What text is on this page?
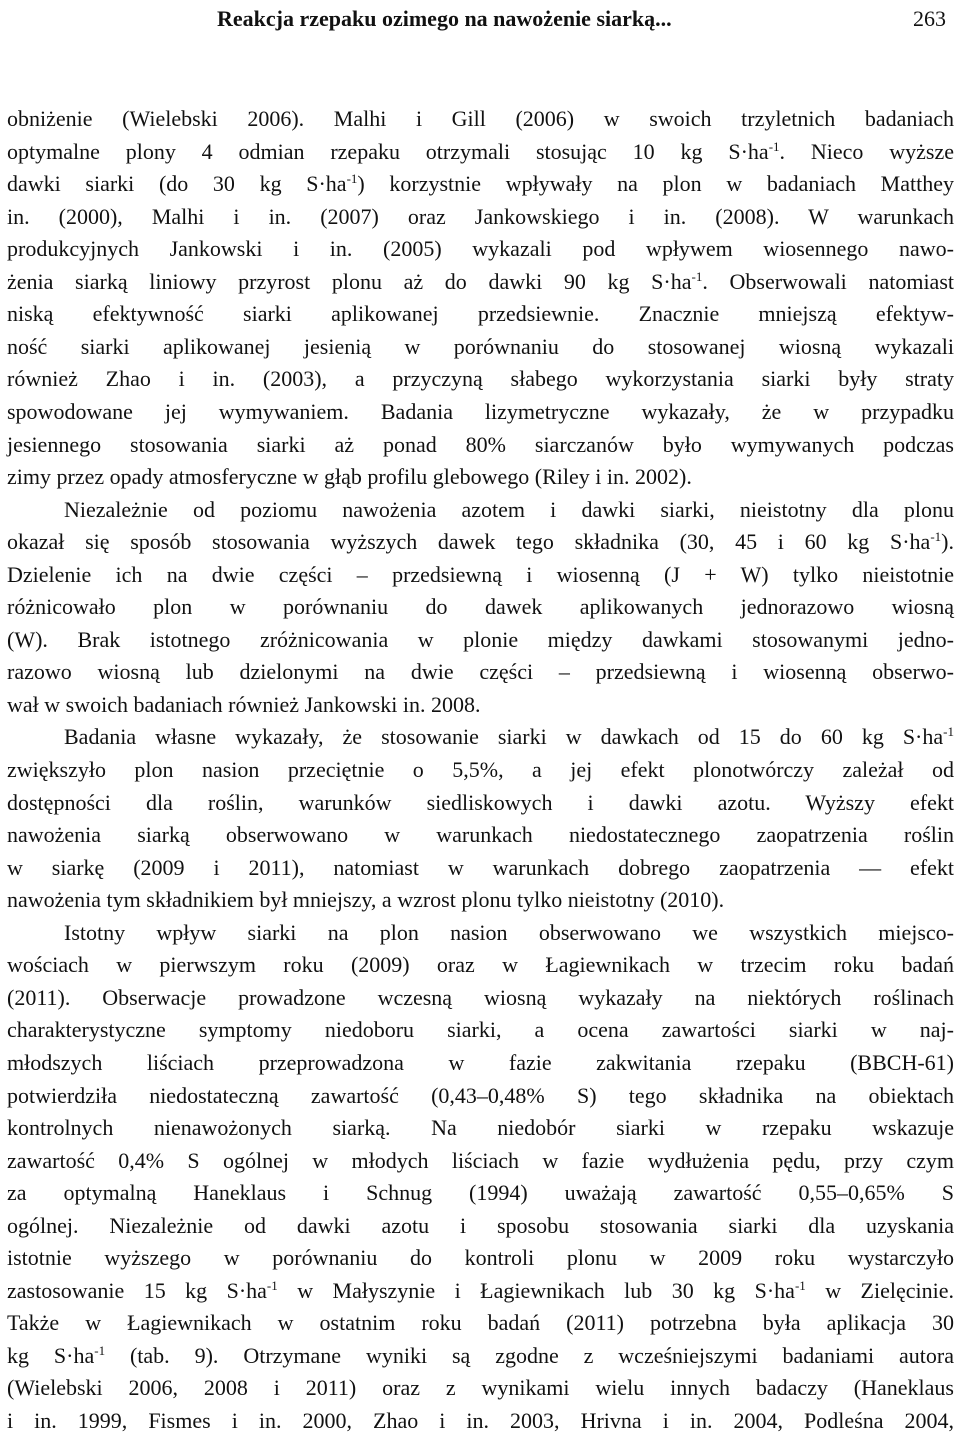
Reakcja rzepaku ozimego na nawożenie siarką...	263
obniżenie (Wielebski 2006). Malhi i Gill (2006) w swoich trzyletnich badaniach
optymalne plony 4 odmian rzepaku otrzymali stosując 10 kg $S\cdot ha^{-1}$. Nieco wyższe
dawki siarki (do 30 kg $S\cdot ha^{-1}$) korzystnie wpływały na plon w badaniach Matthey
in. (2000), Malhi i in. (2007) oraz Jankowskiego i in. (2008). W warunkach
produkcyjnych Jankowski i in. (2005) wykazali pod wpływem wiosennego nawo-
żenia siarką liniowy przyrost plonu aż do dawki 90 kg $S\cdot ha^{-1}$. Obserwowali natomiast
niską efektywność siarki aplikowanej przedsiewnie. Znacznie mniejszą efektyw-
ność siarki aplikowanej jesienią w porównaniu do stosowanej wiosną wykazali
również Zhao i in. (2003), a przyczyną słabego wykorzystania siarki były straty
spowodowane jej wymywaniem. Badania lizymetryczne wykazały, że w przypadku
jesiennego stosowania siarki aż ponad 80% siarczanów było wymywanych podczas
zimy przez opady atmosferyczne w głąb profilu glebowego (Riley i in. 2002).
Niezależnie od poziomu nawożenia azotem i dawki siarki, nieistotny dla plonu
okazał się sposób stosowania wyższych dawek tego składnika (30, 45 i 60 kg $S\cdot ha^{-1}$).
Dzielenie ich na dwie części – przedsiewną i wiosenną (J + W) tylko nieistotnie
różnicowało plon w porównaniu do dawek aplikowanych jednorazowo wiosną
(W). Brak istotnego zróżnicowania w plonie między dawkami stosowanymi jedno-
razowo wiosną lub dzielonymi na dwie części – przedsiewną i wiosenną obserwo-
wał w swoich badaniach również Jankowski in. 2008.
Badania własne wykazały, że stosowanie siarki w dawkach od 15 do 60 kg $S\cdot ha^{-1}$
zwiększyło plon nasion przeciętnie o 5,5%, a jej efekt plonotwórczy zależał od
dostępności dla roślin, warunków siedliskowych i dawki azotu. Wyższy efekt
nawożenia siarką obserwowano w warunkach niedostatecznego zaopatrzenia roślin
w siarkę (2009 i 2011), natomiast w warunkach dobrego zaopatrzenia — efekt
nawożenia tym składnikiem był mniejszy, a wzrost plonu tylko nieistotny (2010).
Istotny wpływ siarki na plon nasion obserwowano we wszystkich miejsco-
wościach w pierwszym roku (2009) oraz w Łagiewnikach w trzecim roku badań
(2011). Obserwacje prowadzone wczesną wiosną wykazały na niektórych roślinach
charakterystyczne symptomy niedoboru siarki, a ocena zawartości siarki w naj-
młodszych liściach przeprowadzona w fazie zakwitania rzepaku (BBCH-61)
potwierdziła niedostateczną zawartość (0,43–0,48% S) tego składnika na obiektach
kontrolnych nienawożonych siarką. Na niedobór siarki w rzepaku wskazuje
zawartość 0,4% S ogólnej w młodych liściach w fazie wydłużenia pędu, przy czym
za optymalną Haneklaus i Schnug (1994) uważają zawartość 0,55–0,65% S
ogólnej. Niezależnie od dawki azotu i sposobu stosowania siarki dla uzyskania
istotnie wyższego w porównaniu do kontroli plonu w 2009 roku wystarczyło
zastosowanie 15 kg $S\cdot ha^{-1}$ w Małyszynie i Łagiewnikach lub 30 kg $S\cdot ha^{-1}$ w Zielęcinie.
Także w Łagiewnikach w ostatnim roku badań (2011) potrzebna była aplikacja 30
kg $S\cdot ha^{-1}$ (tab. 9). Otrzymane wyniki są zgodne z wcześniejszymi badaniami autora
(Wielebski 2006, 2008 i 2011) oraz z wynikami wielu innych badaczy (Haneklaus
i in. 1999, Fismes i in. 2000, Zhao i in. 2003, Hrivna i in. 2004, Podleśna 2004,
